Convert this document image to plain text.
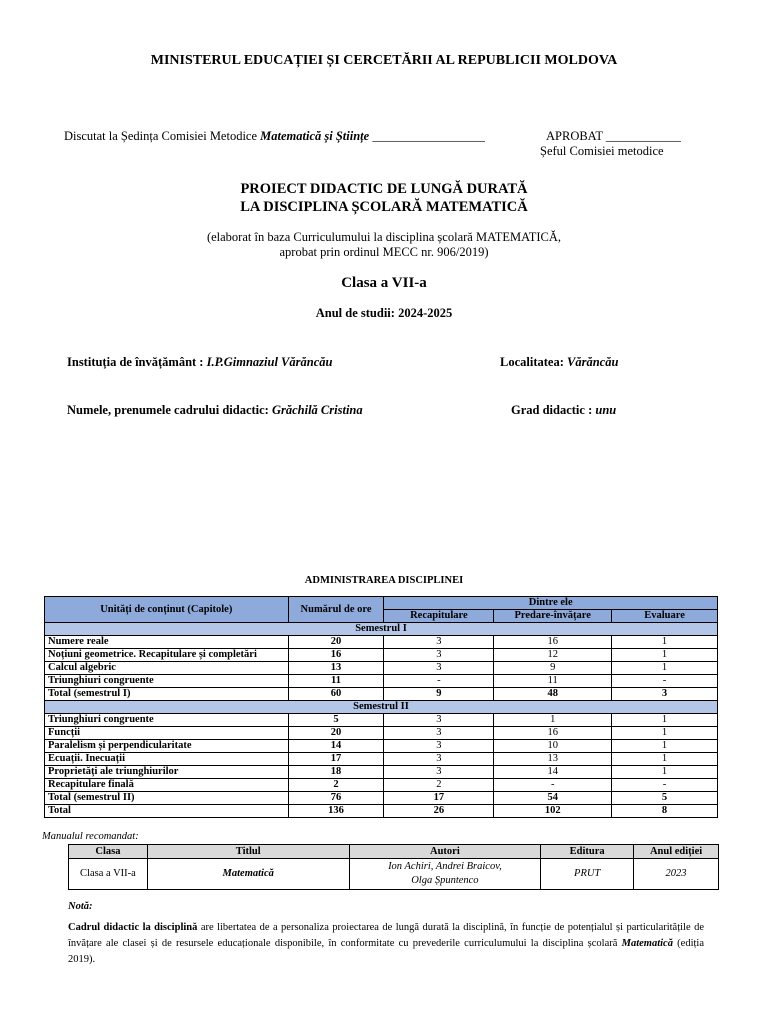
MINISTERUL EDUCAȚIEI ȘI CERCETĂRII AL REPUBLICII MOLDOVA
Discutat la Ședința Comisiei Metodice Matematică și Științe __________________	APROBAT ____________
Șeful Comisiei metodice
PROIECT DIDACTIC DE LUNGĂ DURATĂ
LA DISCIPLINA ȘCOLARĂ MATEMATICĂ
(elaborat în baza Curriculumului la disciplina școlară MATEMATICĂ,
aprobat prin ordinul MECC nr. 906/2019)
Clasa a VII-a
Anul de studii: 2024-2025
Instituția de învățământ : I.P.Gimnaziul Vărăncău	Localitatea: Vărăncău
Numele, prenumele cadrului didactic: Grăchilă Cristina	Grad didactic : unu
ADMINISTRAREA DISCIPLINEI
Unități de conținut (Capitole)	Numărul de ore	Dintre ele		
		Recapitulare	Predare-învățare	Evaluare
Semestrul I				
Numere reale	20	3	16	1
Noțiuni geometrice. Recapitulare și completări	16	3	12	1
Calcul algebric	13	3	9	1
Triunghiuri congruente	11	-	11	-
Total (semestrul I)	60	9	48	3
Semestrul II				
Triunghiuri congruente	5	3	1	1
Funcții	20	3	16	1
Paralelism și perpendicularitate	14	3	10	1
Ecuații. Inecuații	17	3	13	1
Proprietăți ale triunghiurilor	18	3	14	1
Recapitulare finală	2	2	-	-
Total (semestrul II)	76	17	54	5
Total	136	26	102	8
Manualul recomandat:
Clasa	Titlul	Autori	Editura	Anul ediției
Clasa a VII-a	Matematică	Ion Achiri, Andrei Braicov,
Olga Șpuntenco	PRUT	2023
Notă:
Cadrul didactic la disciplină are libertatea de a personaliza proiectarea de lungă durată la disciplină, în funcție de potențialul și particularitățile de învățare ale clasei și de resursele educaționale disponibile, în conformitate cu prevederile curriculumului la disciplina școlară Matematică (ediția 2019).
